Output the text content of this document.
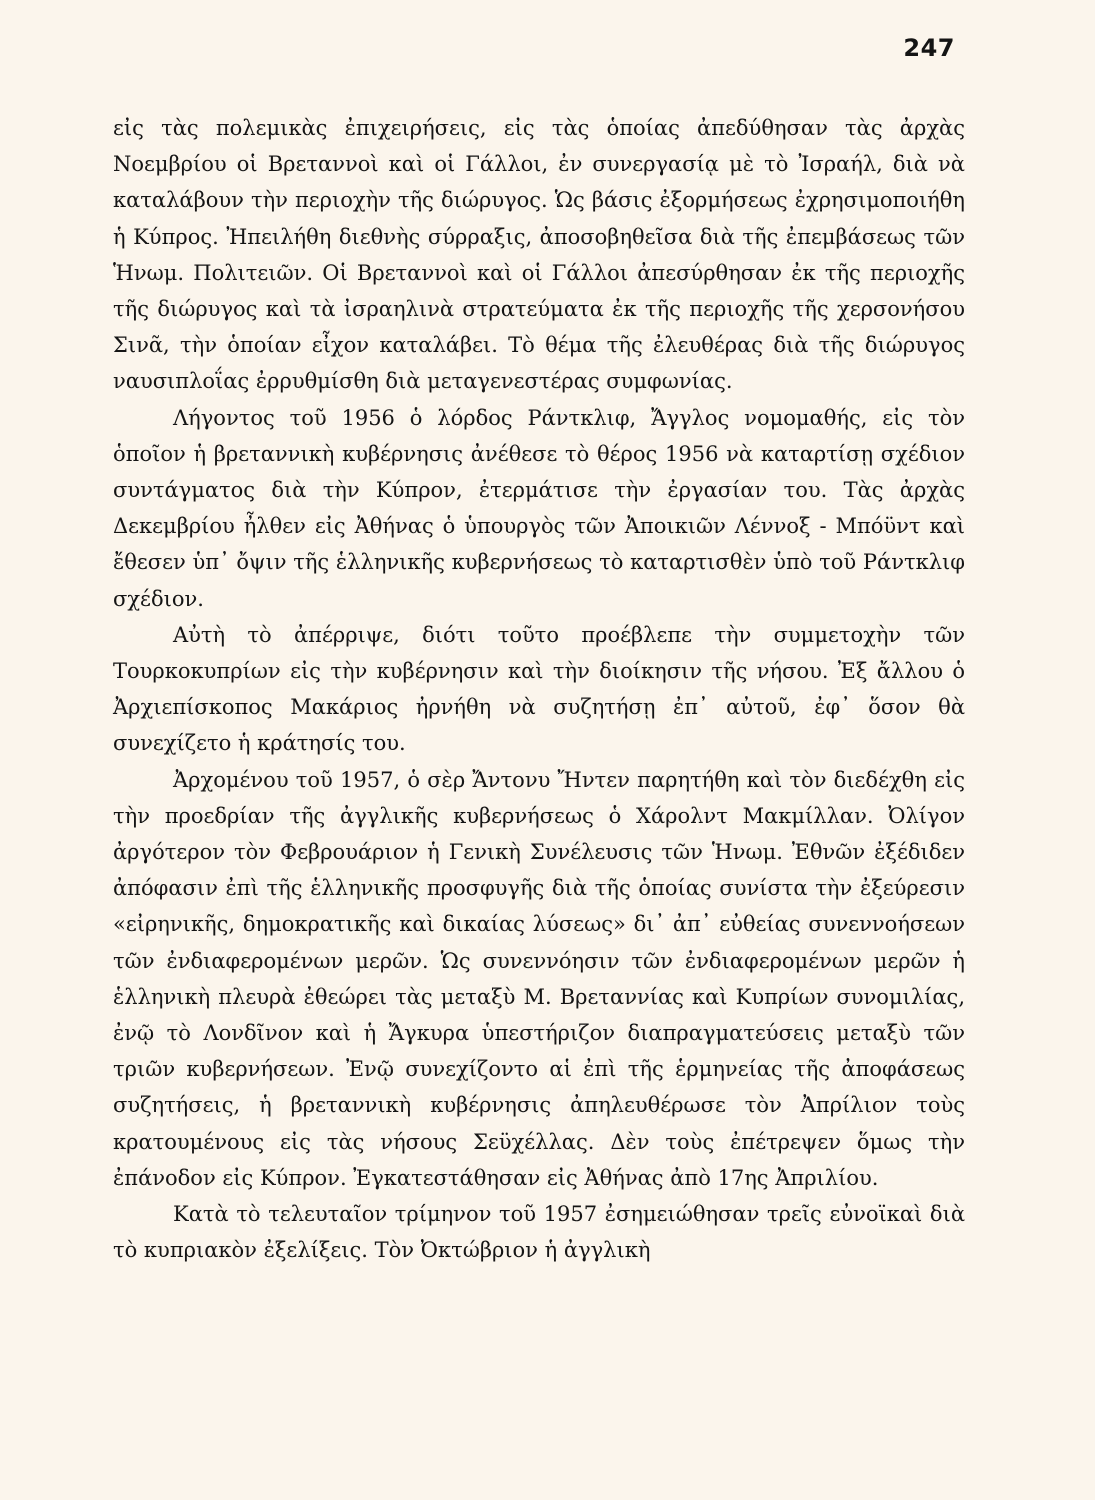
247

εἰς τὰς πολεμικὰς ἐπιχειρήσεις, εἰς τὰς ὁποίας ἀπεδύθησαν τὰς ἀρχὰς Νοεμβρίου οἱ Βρεταννοὶ καὶ οἱ Γάλλοι, ἐν συνεργασίᾳ μὲ τὸ Ἰσραήλ, διὰ νὰ καταλάβουν τὴν περιοχὴν τῆς διώρυγος. Ὡς βάσις ἐξορμήσεως ἐχρησιμοποιήθη ἡ Κύπρος. Ἠπειλήθη διεθνὴς σύρραξις, ἀποσοβηθεῖσα διὰ τῆς ἐπεμβάσεως τῶν Ἡνωμ. Πολιτειῶν. Οἱ Βρεταννοὶ καὶ οἱ Γάλλοι ἀπεσύρθησαν ἐκ τῆς περιοχῆς τῆς διώρυγος καὶ τὰ ἰσραηλινὰ στρατεύματα ἐκ τῆς περιοχῆς τῆς χερσονήσου Σινᾶ, τὴν ὁποίαν εἶχον καταλάβει. Τὸ θέμα τῆς ἐλευθέρας διὰ τῆς διώρυγος ναυσιπλοΐας ἐρρυθμίσθη διὰ μεταγενεστέρας συμφωνίας.

Λήγοντος τοῦ 1956 ὁ λόρδος Ράντκλιφ, Ἄγγλος νομομαθής, εἰς τὸν ὁποῖον ἡ βρεταννικὴ κυβέρνησις ἀνέθεσε τὸ θέρος 1956 νὰ καταρτίσῃ σχέδιον συντάγματος διὰ τὴν Κύπρον, ἐτερμάτισε τὴν ἐργασίαν του. Τὰς ἀρχὰς Δεκεμβρίου ἦλθεν εἰς Ἀθήνας ὁ ὑπουργὸς τῶν Ἀποικιῶν Λέννοξ - Μπόϋντ καὶ ἔθεσεν ὑπ᾽ ὄψιν τῆς ἑλληνικῆς κυβερνήσεως τὸ καταρτισθὲν ὑπὸ τοῦ Ράντκλιφ σχέδιον.

Αὐτὴ τὸ ἀπέρριψε, διότι τοῦτο προέβλεπε τὴν συμμετοχὴν τῶν Τουρκοκυπρίων εἰς τὴν κυβέρνησιν καὶ τὴν διοίκησιν τῆς νήσου. Ἐξ ἄλλου ὁ Ἀρχιεπίσκοπος Μακάριος ἠρνήθη νὰ συζητήσῃ ἐπ᾽ αὐτοῦ, ἐφ᾽ ὅσον θὰ συνεχίζετο ἡ κράτησίς του.

Ἀρχομένου τοῦ 1957, ὁ σὲρ Ἄντονυ Ἤντεν παρητήθη καὶ τὸν διεδέχθη εἰς τὴν προεδρίαν τῆς ἀγγλικῆς κυβερνήσεως ὁ Χάρολντ Μακμίλλαν. Ὀλίγον ἀργότερον τὸν Φεβρουάριον ἡ Γενικὴ Συνέλευσις τῶν Ἡνωμ. Ἐθνῶν ἐξέδιδεν ἀπόφασιν ἐπὶ τῆς ἑλληνικῆς προσφυγῆς διὰ τῆς ὁποίας συνίστα τὴν ἐξεύρεσιν «εἰρηνικῆς, δημοκρατικῆς καὶ δικαίας λύσεως» δι᾽ ἀπ᾽ εὐθείας συνεννοήσεων τῶν ἐνδιαφερομένων μερῶν. Ὡς συνεννόησιν τῶν ἐνδιαφερομένων μερῶν ἡ ἑλληνικὴ πλευρὰ ἐθεώρει τὰς μεταξὺ Μ. Βρεταννίας καὶ Κυπρίων συνομιλίας, ἐνῷ τὸ Λονδῖνον καὶ ἡ Ἄγκυρα ὑπεστήριζον διαπραγματεύσεις μεταξὺ τῶν τριῶν κυβερνήσεων. Ἐνῷ συνεχίζοντο αἱ ἐπὶ τῆς ἑρμηνείας τῆς ἀποφάσεως συζητήσεις, ἡ βρεταννικὴ κυβέρνησις ἀπηλευθέρωσε τὸν Ἀπρίλιον τοὺς κρατουμένους εἰς τὰς νήσους Σεϋχέλλας. Δὲν τοὺς ἐπέτρεψεν ὅμως τὴν ἐπάνοδον εἰς Κύπρον. Ἐγκατεστάθησαν εἰς Ἀθήνας ἀπὸ 17ης Ἀπριλίου.

Κατὰ τὸ τελευταῖον τρίμηνον τοῦ 1957 ἐσημειώθησαν τρεῖς εὐνοϊκαὶ διὰ τὸ κυπριακὸν ἐξελίξεις. Τὸν Ὀκτώβριον ἡ ἀγγλικὴ
